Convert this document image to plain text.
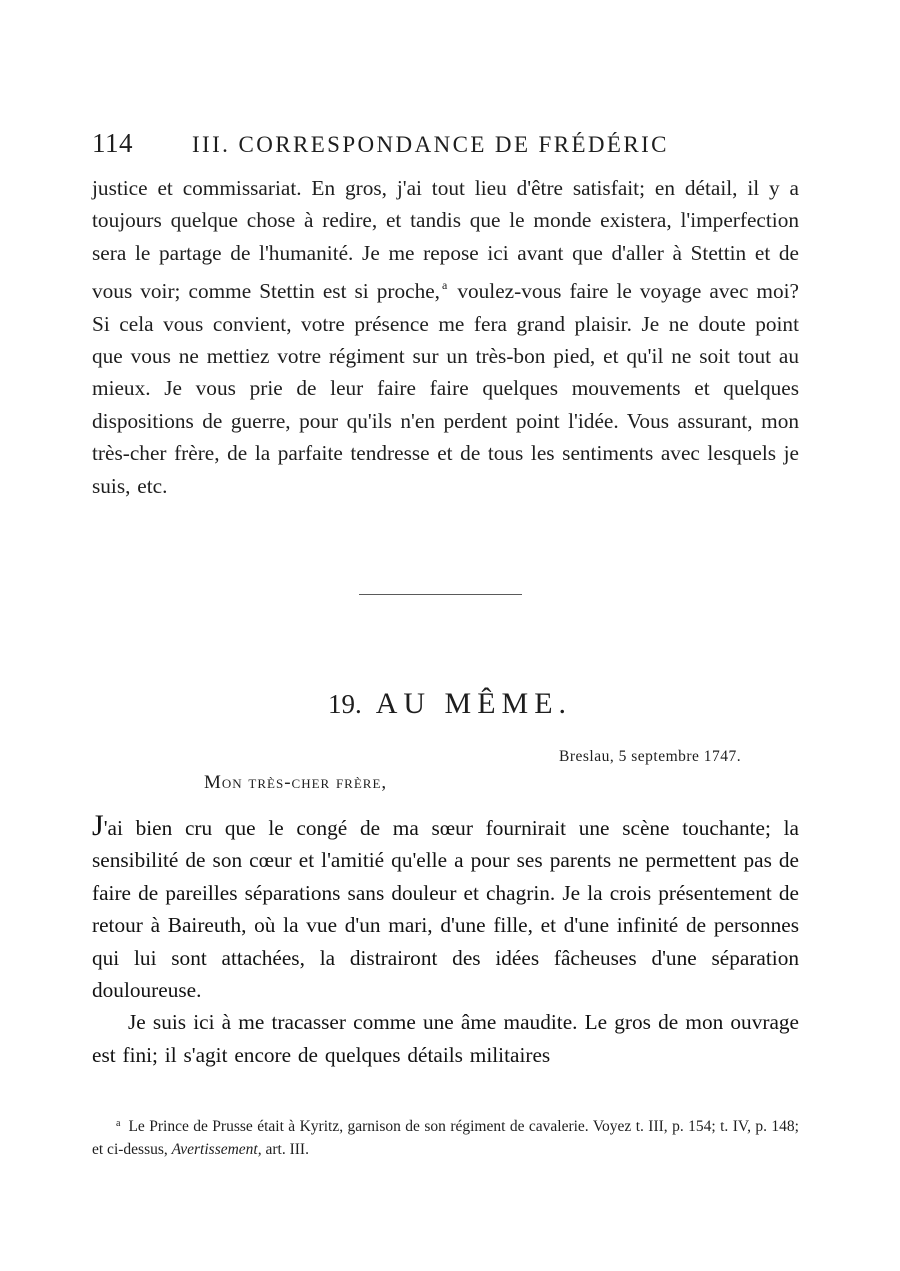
114	III. CORRESPONDANCE DE FRÉDÉRIC

justice et commissariat. En gros, j'ai tout lieu d'être satisfait; en détail, il y a toujours quelque chose à redire, et tandis que le monde existera, l'imperfection sera le partage de l'humanité. Je me repose ici avant que d'aller à Stettin et de vous voir; comme Stettin est si proche, $^a$ voulez-vous faire le voyage avec moi? Si cela vous convient, votre présence me fera grand plaisir. Je ne doute point que vous ne mettiez votre régiment sur un très-bon pied, et qu'il ne soit tout au mieux. Je vous prie de leur faire faire quelques mouvements et quelques dispositions de guerre, pour qu'ils n'en perdent point l'idée. Vous assurant, mon très-cher frère, de la parfaite tendresse et de tous les sentiments avec lesquels je suis, etc.

19. AU MÊME.
Breslau, 5 septembre 1747.
Mon très-cher frère,

J'ai bien cru que le congé de ma sœur fournirait une scène touchante; la sensibilité de son cœur et l'amitié qu'elle a pour ses parents ne permettent pas de faire de pareilles séparations sans douleur et chagrin. Je la crois présentement de retour à Baireuth, où la vue d'un mari, d'une fille, et d'une infinité de personnes qui lui sont attachées, la distrairont des idées fâcheuses d'une séparation douloureuse.

Je suis ici à me tracasser comme une âme maudite. Le gros de mon ouvrage est fini; il s'agit encore de quelques détails militaires

$^a$ Le Prince de Prusse était à Kyritz, garnison de son régiment de cavalerie. Voyez t. III, p. 154; t. IV, p. 148; et ci-dessus, Avertissement, art. III.
